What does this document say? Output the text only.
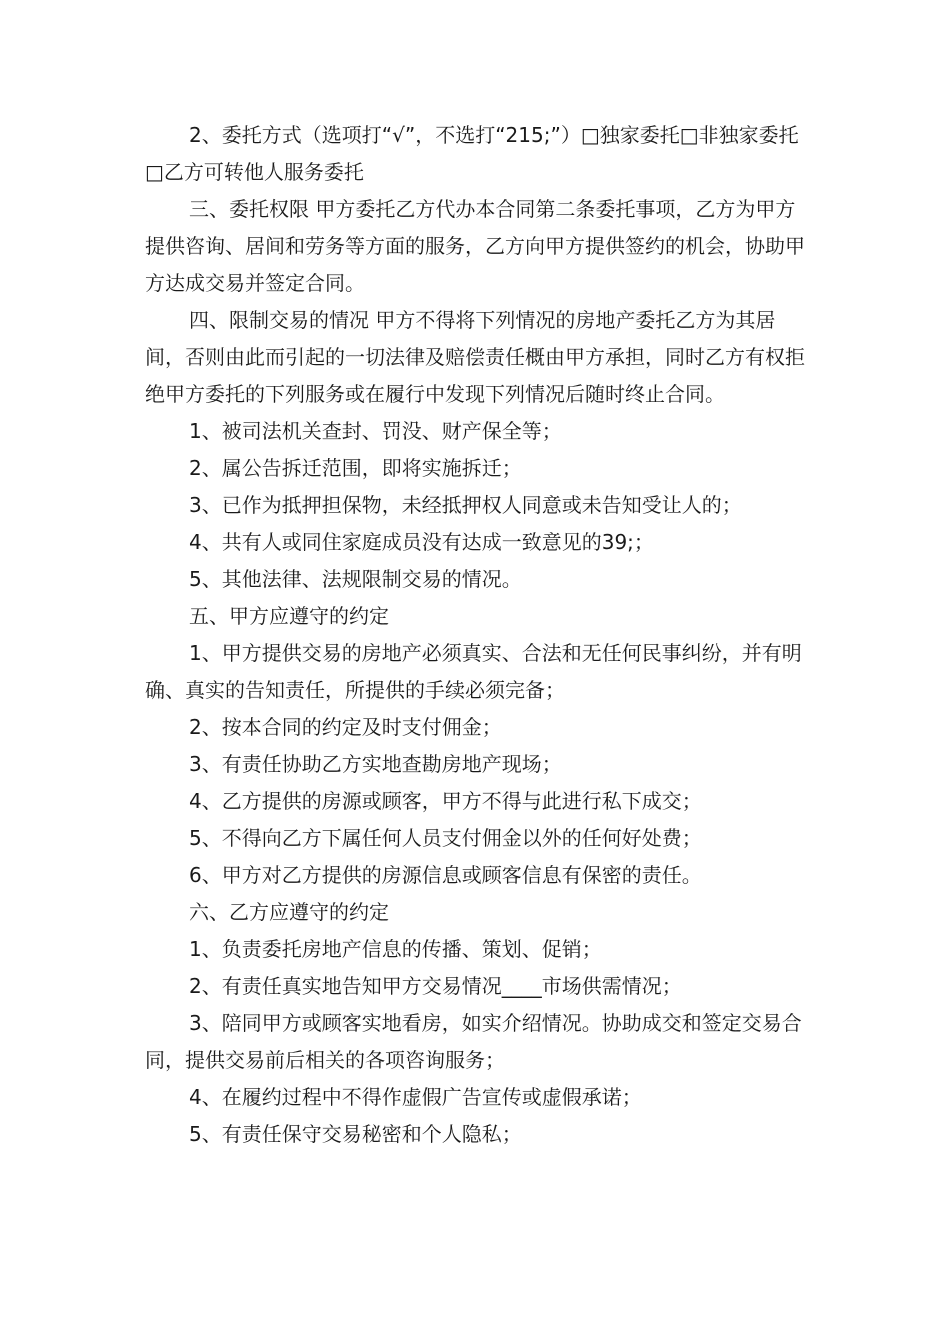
2、委托方式（选项打“√”，不选打“215;”）□独家委托□非独家委托□乙方可转他人服务委托

三、委托权限 甲方委托乙方代办本合同第二条委托事项，乙方为甲方提供咨询、居间和劳务等方面的服务，乙方向甲方提供签约的机会，协助甲方达成交易并签定合同。

四、限制交易的情况 甲方不得将下列情况的房地产委托乙方为其居间，否则由此而引起的一切法律及赔偿责任概由甲方承担，同时乙方有权拒绝甲方委托的下列服务或在履行中发现下列情况后随时终止合同。

1、被司法机关查封、罚没、财产保全等；

2、属公告拆迁范围，即将实施拆迁；

3、已作为抵押担保物，未经抵押权人同意或未告知受让人的；

4、共有人或同住家庭成员没有达成一致意见的39;；

5、其他法律、法规限制交易的情况。

五、甲方应遵守的约定

1、甲方提供交易的房地产必须真实、合法和无任何民事纠纷，并有明确、真实的告知责任，所提供的手续必须完备；

2、按本合同的约定及时支付佣金；

3、有责任协助乙方实地查勘房地产现场；

4、乙方提供的房源或顾客，甲方不得与此进行私下成交；

5、不得向乙方下属任何人员支付佣金以外的任何好处费；

6、甲方对乙方提供的房源信息或顾客信息有保密的责任。

六、乙方应遵守的约定

1、负责委托房地产信息的传播、策划、促销；

2、有责任真实地告知甲方交易情况____市场供需情况；

3、陪同甲方或顾客实地看房，如实介绍情况。协助成交和签定交易合同，提供交易前后相关的各项咨询服务；

4、在履约过程中不得作虚假广告宣传或虚假承诺；

5、有责任保守交易秘密和个人隐私；
